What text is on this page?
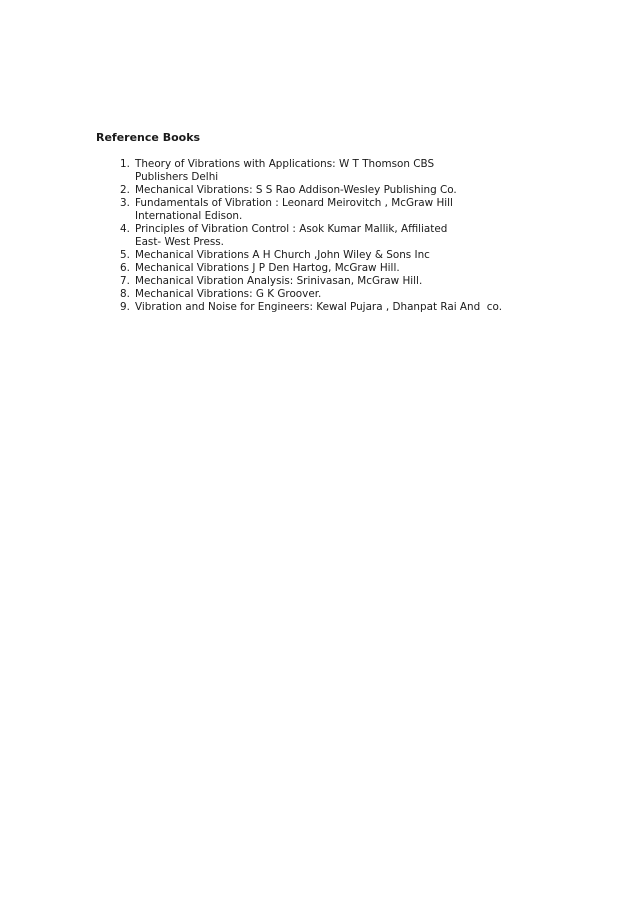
Reference Books
1. Theory of Vibrations with Applications: W T Thomson CBS
Publishers Delhi
2. Mechanical Vibrations: S S Rao Addison-Wesley Publishing Co.
3. Fundamentals of Vibration : Leonard Meirovitch , McGraw Hill
International Edison.
4. Principles of Vibration Control : Asok Kumar Mallik, Affiliated
East- West Press.
5. Mechanical Vibrations A H Church ,John Wiley & Sons Inc
6. Mechanical Vibrations J P Den Hartog, McGraw Hill.
7. Mechanical Vibration Analysis: Srinivasan, McGraw Hill.
8. Mechanical Vibrations: G K Groover.
9. Vibration and Noise for Engineers: Kewal Pujara , Dhanpat Rai And  co.
